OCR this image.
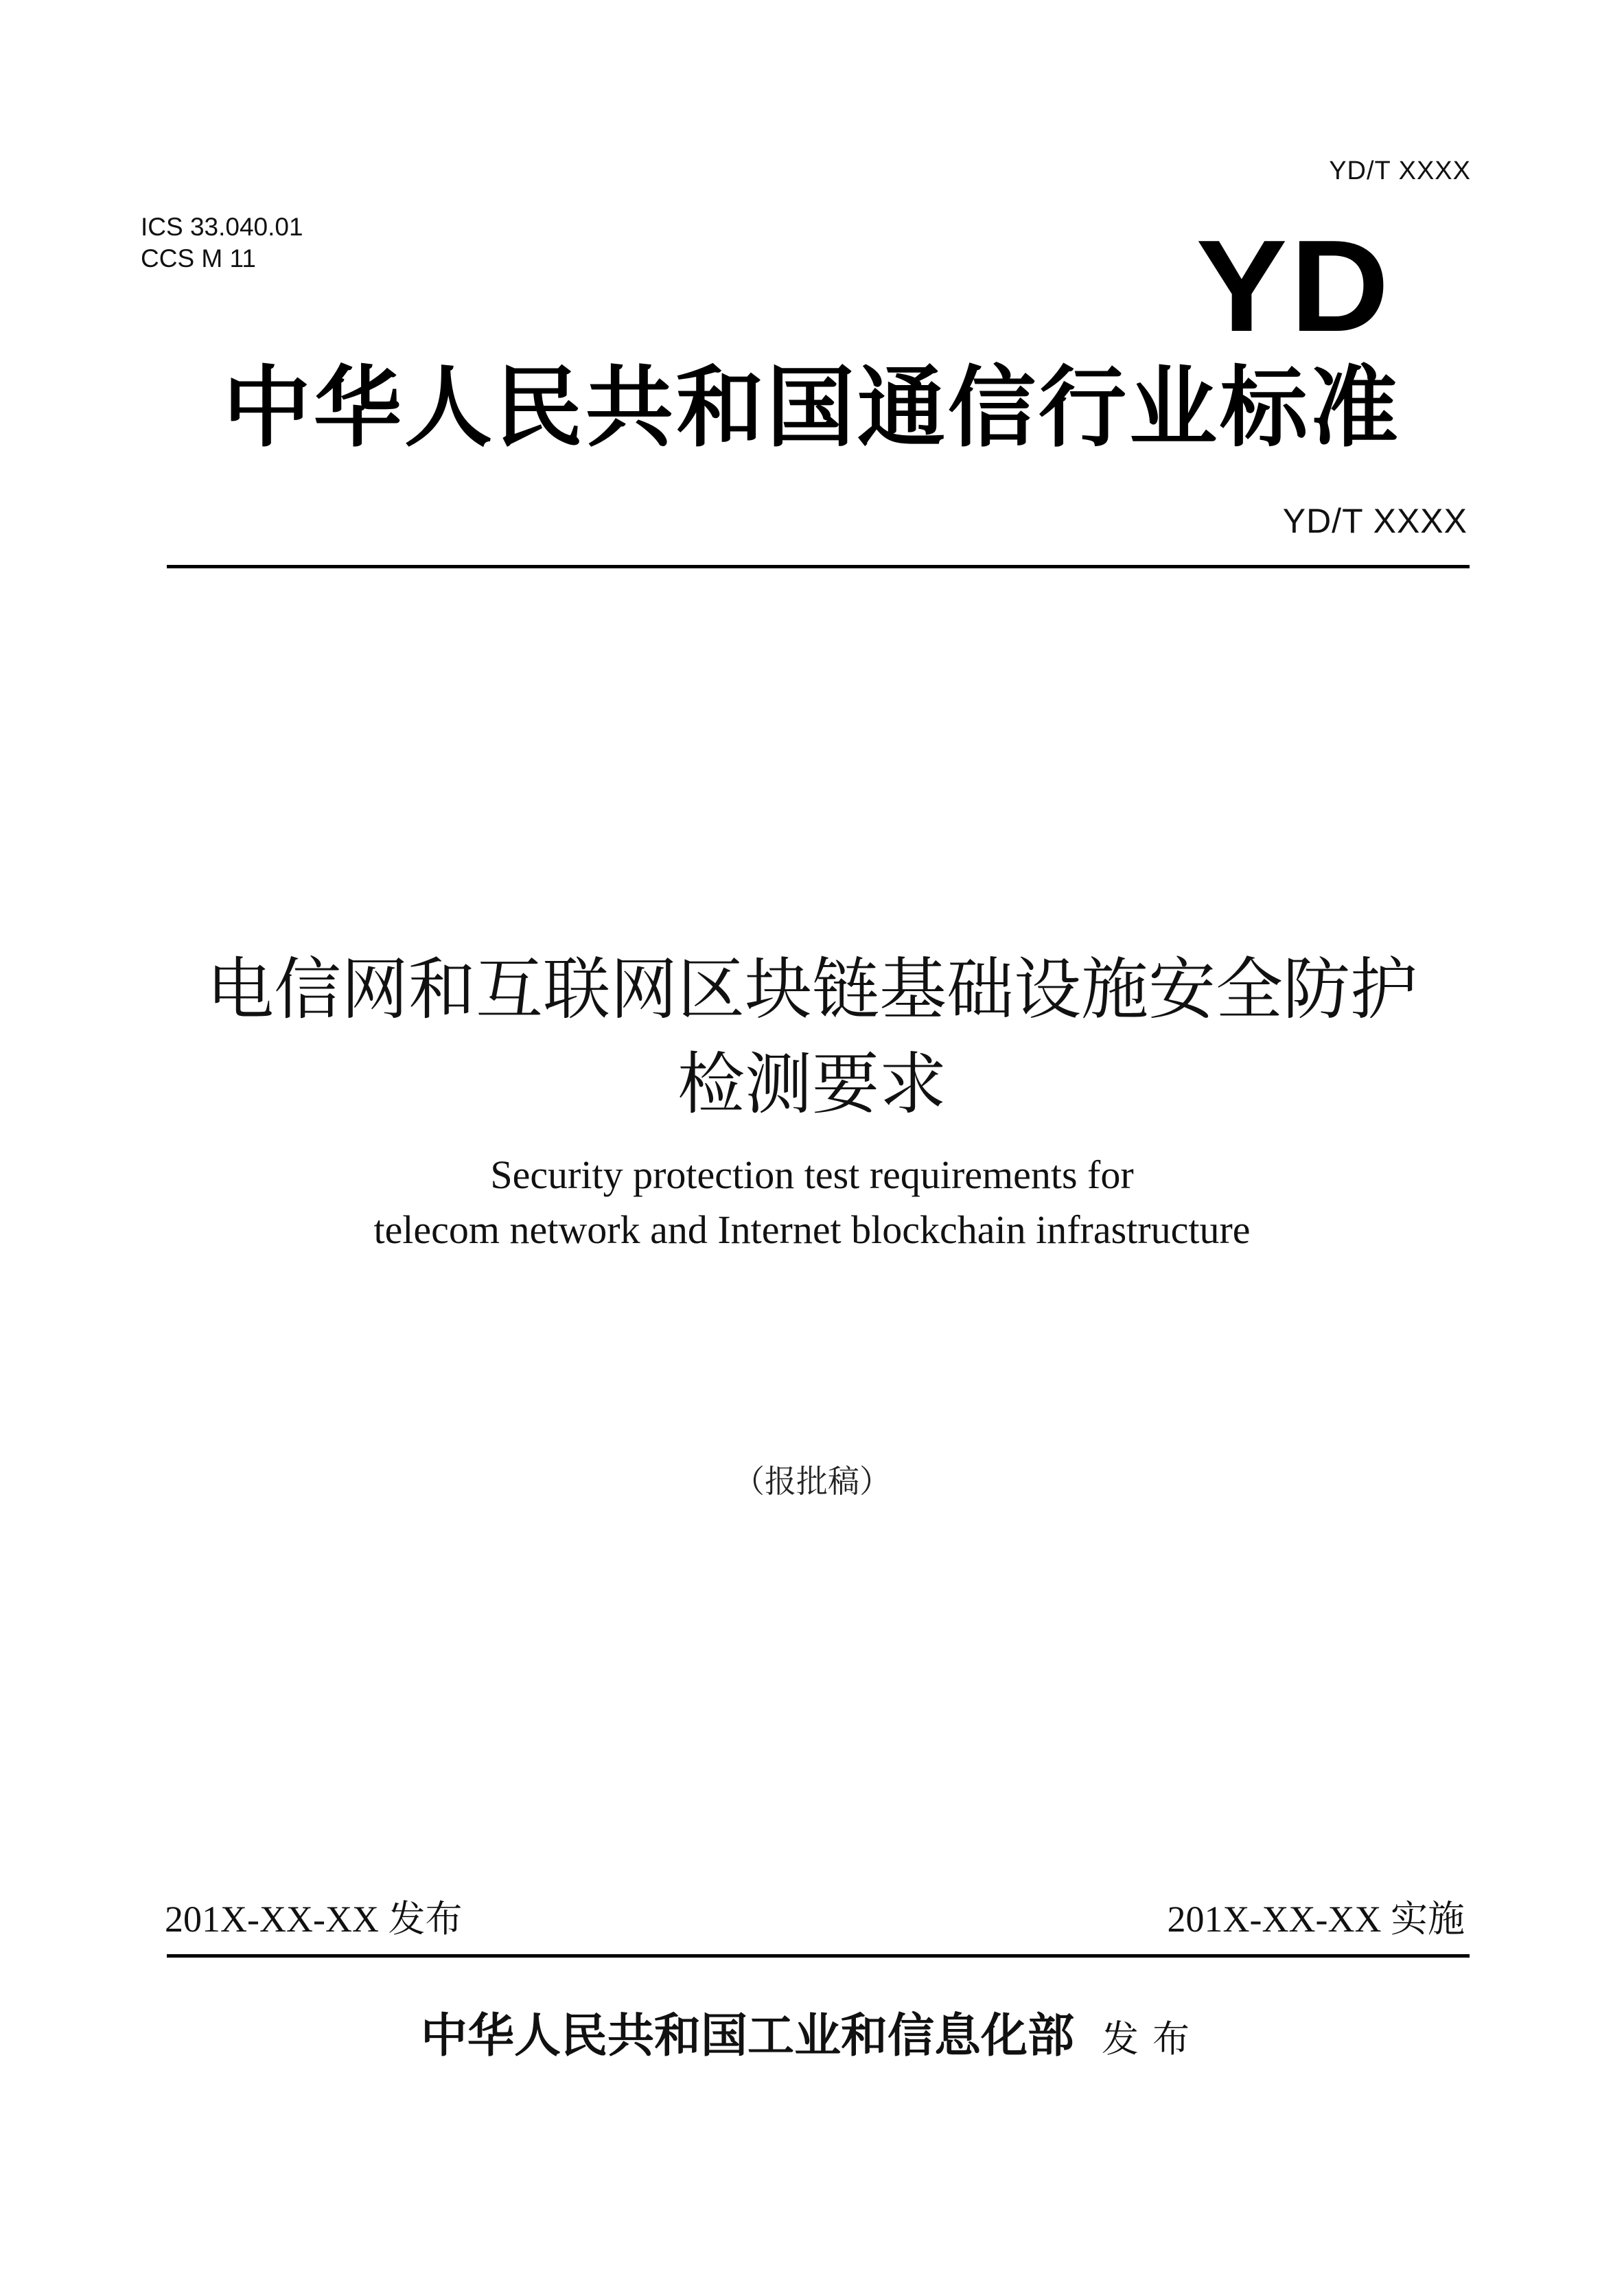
YD/T XXXX
ICS 33.040.01
CCS M 11	YD
中华人民共和国通信行业标准
YD/T XXXX
电信网和互联网区块链基础设施安全防护
检测要求
Security protection test requirements for
telecom network and Internet blockchain infrastructure
（报批稿）
201X-XX-XX 发布	201X-XX-XX 实施
中华人民共和国工业和信息化部 发布
